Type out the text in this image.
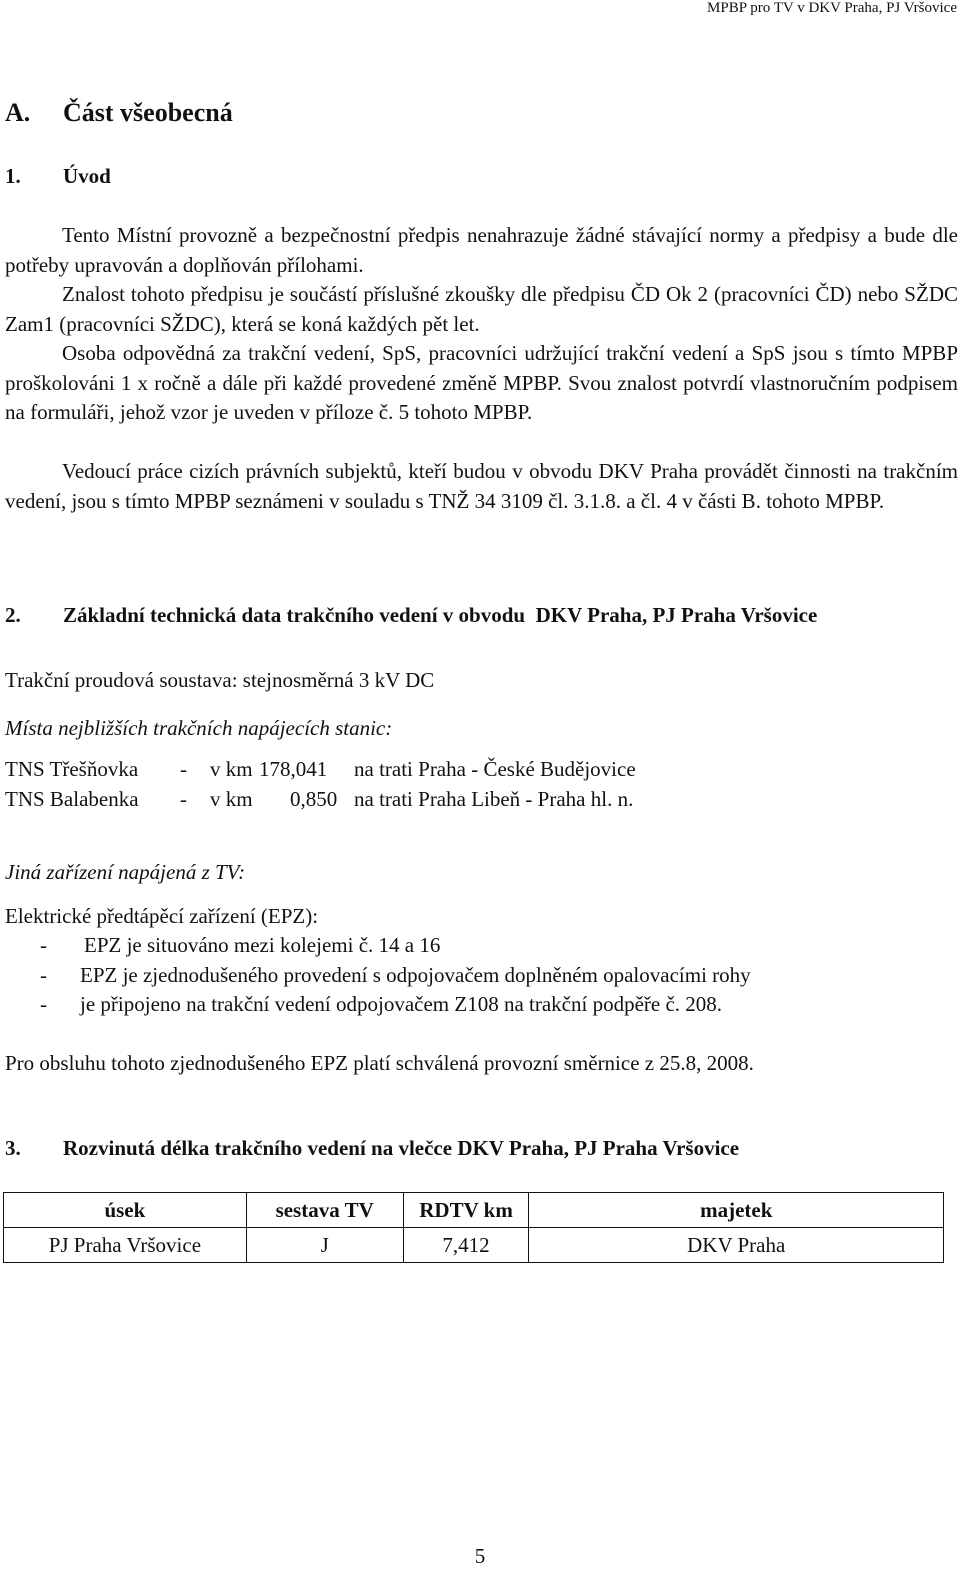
MPBP pro TV v DKV Praha, PJ Vršovice
A. Část všeobecná
1. Úvod

Tento Místní provozně a bezpečnostní předpis nenahrazuje žádné stávající normy a předpisy a bude dle potřeby upravován a doplňován přílohami.

Znalost tohoto předpisu je součástí příslušné zkoušky dle předpisu ČD Ok 2 (pracovníci ČD) nebo SŽDC Zam1 (pracovníci SŽDC), která se koná každých pět let.

Osoba odpovědná za trakční vedení, SpS, pracovníci udržující trakční vedení a SpS jsou s tímto MPBP proškolováni 1 x ročně a dále při každé provedené změně MPBP. Svou znalost potvrdí vlastnoručním podpisem na formuláři, jehož vzor je uveden v příloze č. 5 tohoto MPBP.

Vedoucí práce cizích právních subjektů, kteří budou v obvodu DKV Praha provádět činnosti na trakčním vedení, jsou s tímto MPBP seznámeni v souladu s TNŽ 34 3109 čl. 3.1.8. a čl. 4 v části B. tohoto MPBP.

2. Základní technická data trakčního vedení v obvodu  DKV Praha, PJ Praha Vršovice
Trakční proudová soustava: stejnosměrná 3 kV DC
Místa nejbližších trakčních napájecích stanic:
TNS Třešňovka - v km 178,041 na trati Praha - České Budějovice
TNS Balabenka - v km 0,850 na trati Praha Libeň - Praha hl. n.
Jiná zařízení napájená z TV:
Elektrické předtápěcí zařízení (EPZ):
- EPZ je situováno mezi kolejemi č. 14 a 16
- EPZ je zjednodušeného provedení s odpojovačem doplněném opalovacími rohy
- je připojeno na trakční vedení odpojovačem Z108 na trakční podpěře č. 208.
Pro obsluhu tohoto zjednodušeného EPZ platí schválená provozní směrnice z 25.8, 2008.
3. Rozvinutá délka trakčního vedení na vlečce DKV Praha, PJ Praha Vršovice
úsek	sestava TV	RDTV km	majetek
PJ Praha Vršovice	J	7,412	DKV Praha
5
